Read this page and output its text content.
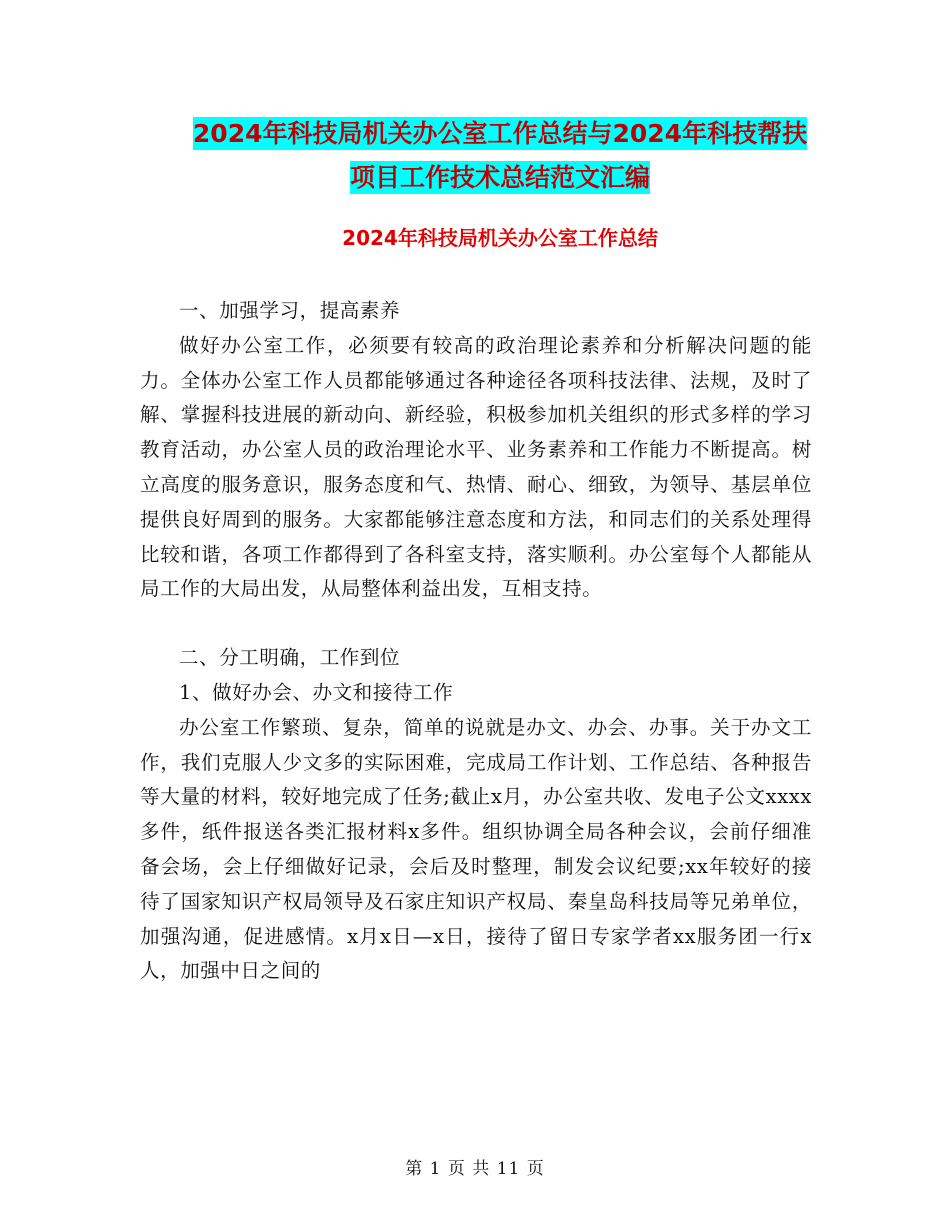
2024年科技局机关办公室工作总结与2024年科技帮扶
项目工作技术总结范文汇编
2024年科技局机关办公室工作总结

一、加强学习，提高素养

做好办公室工作，必须要有较高的政治理论素养和分析解决问题的能力。全体办公室工作人员都能够通过各种途径各项科技法律、法规，及时了解、掌握科技进展的新动向、新经验，积极参加机关组织的形式多样的学习教育活动，办公室人员的政治理论水平、业务素养和工作能力不断提高。树立高度的服务意识，服务态度和气、热情、耐心、细致，为领导、基层单位提供良好周到的服务。大家都能够注意态度和方法，和同志们的关系处理得比较和谐，各项工作都得到了各科室支持，落实顺利。办公室每个人都能从局工作的大局出发，从局整体利益出发，互相支持。

二、分工明确，工作到位

1、做好办会、办文和接待工作

办公室工作繁琐、复杂，简单的说就是办文、办会、办事。关于办文工作，我们克服人少文多的实际困难，完成局工作计划、工作总结、各种报告等大量的材料，较好地完成了任务;截止x月，办公室共收、发电子公文xxxx多件，纸件报送各类汇报材料x多件。组织协调全局各种会议，会前仔细准备会场，会上仔细做好记录，会后及时整理，制发会议纪要;xx年较好的接待了国家知识产权局领导及石家庄知识产权局、秦皇岛科技局等兄弟单位，加强沟通，促进感情。x月x日—x日，接待了留日专家学者xx服务团一行x人，加强中日之间的

第 1 页 共 11 页
